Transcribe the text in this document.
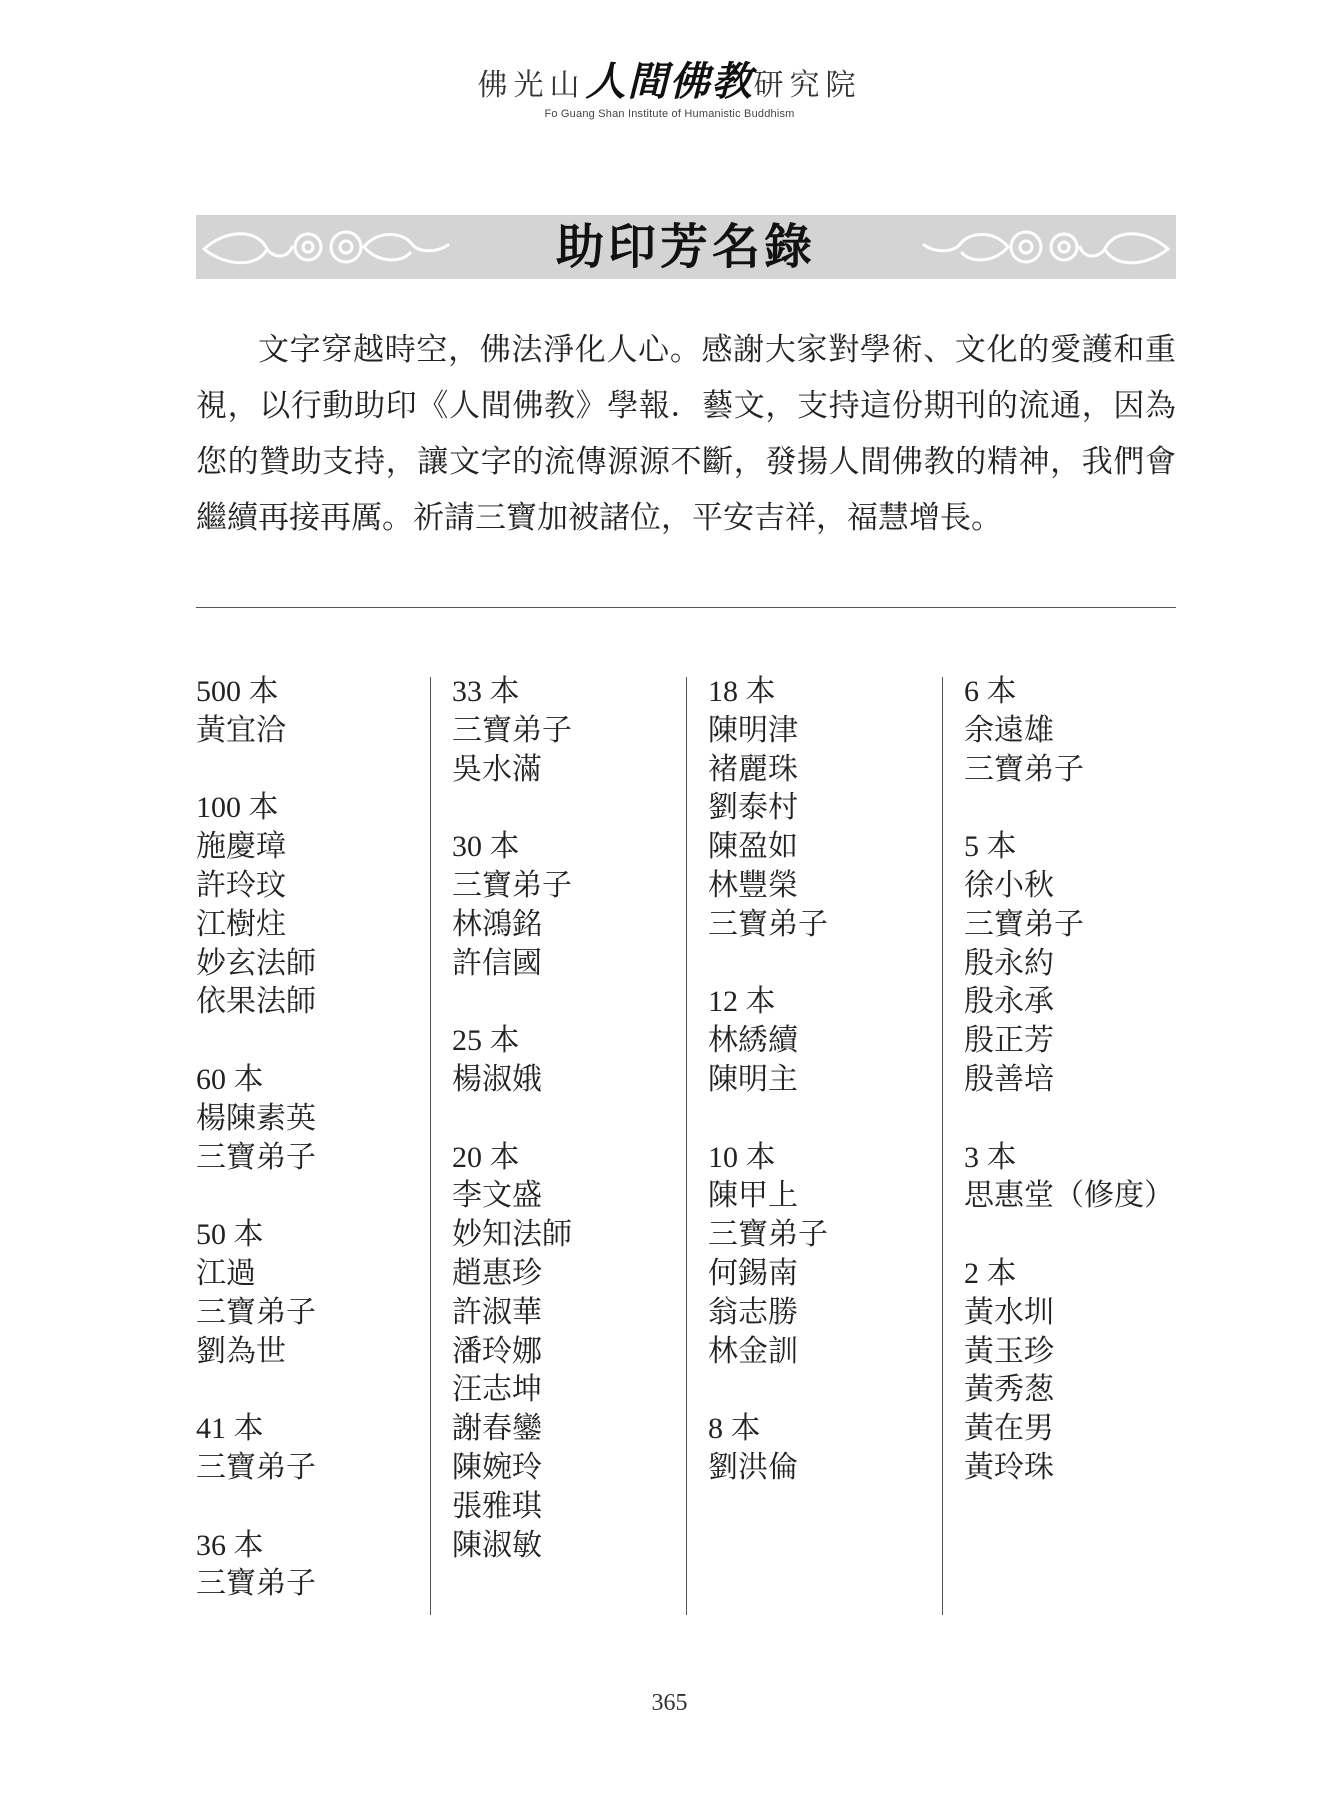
佛光山人間佛教研究院
Fo Guang Shan Institute of Humanistic Buddhism
助印芳名錄
文字穿越時空，佛法淨化人心。感謝大家對學術、文化的愛護和重視，以行動助印《人間佛教》學報．藝文，支持這份期刊的流通，因為您的贊助支持，讓文字的流傳源源不斷，發揚人間佛教的精神，我們會繼續再接再厲。祈請三寶加被諸位，平安吉祥，福慧增長。
500 本
黃宜洽
100 本
施慶璋
許玲玟
江樹炷
妙玄法師
依果法師
60 本
楊陳素英
三寶弟子
50 本
江過
三寶弟子
劉為世
41 本
三寶弟子
36 本
三寶弟子
33 本
三寶弟子
吳水滿
30 本
三寶弟子
林鴻銘
許信國
25 本
楊淑娥
20 本
李文盛
妙知法師
趙惠珍
許淑華
潘玲娜
汪志坤
謝春鑾
陳婉玲
張雅琪
陳淑敏
18 本
陳明津
褚麗珠
劉泰村
陳盈如
林豐榮
三寶弟子
12 本
林綉續
陳明主
10 本
陳甲上
三寶弟子
何錫南
翁志勝
林金訓
8 本
劉洪倫
6 本
余遠雄
三寶弟子
5 本
徐小秋
三寶弟子
殷永約
殷永承
殷正芳
殷善培
3 本
思惠堂（修度）
2 本
黃水圳
黃玉珍
黃秀葱
黃在男
黃玲珠
365
